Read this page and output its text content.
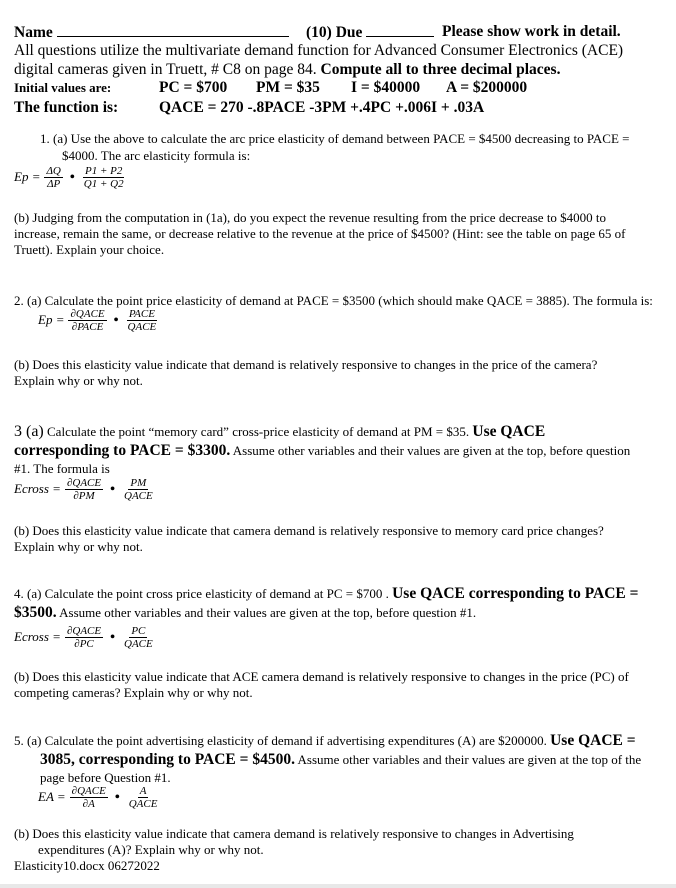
Name	(10) Due	Please show work in detail.
All questions utilize the multivariate demand function for Advanced Consumer Electronics (ACE)
digital cameras given in Truett, # C8 on page 84. Compute all to three decimal places.
Initial values are:	PC = $700 PM = $35 I = $40000 A = $200000
The function is:	QACE = 270 -.8PACE -3PM +.4PC +.006I + .03A
1. (a) Use the above to calculate the arc price elasticity of demand between PACE = $4500 decreasing to PACE =
$4000. The arc elasticity formula is:
$Ep = \frac{\Delta Q}{\Delta P}$ • $\frac{P1 + P2}{Q1 + Q2}$
(b) Judging from the computation in (1a), do you expect the revenue resulting from the price decrease to $4000 to
increase, remain the same, or decrease relative to the revenue at the price of $4500? (Hint: see the table on page 65 of
Truett). Explain your choice.
2. (a) Calculate the point price elasticity of demand at PACE = $3500 (which should make QACE = 3885). The formula is:
$Ep = \frac{\text{∂QACE}}{\text{∂PACE}}$ • $\frac{\text{PACE}}{\text{QACE}}$
(b) Does this elasticity value indicate that demand is relatively responsive to changes in the price of the camera?
Explain why or why not.
3 (a) Calculate the point “memory card” cross-price elasticity of demand at PM = $35. Use QACE
corresponding to PACE = $3300. Assume other variables and their values are given at the top, before question
#1. The formula is
Ecross = $\frac{\text{∂QACE}}{\partial PM}$ • $\frac{PM}{\text{QACE}}$
(b) Does this elasticity value indicate that camera demand is relatively responsive to memory card price changes?
Explain why or why not.
4. (a) Calculate the point cross price elasticity of demand at PC = $700 . Use QACE corresponding to PACE =
$3500. Assume other variables and their values are given at the top, before question #1.
Ecross = $\frac{\text{∂QACE}}{\partial PC}$ • $\frac{PC}{\text{QACE}}$
(b) Does this elasticity value indicate that ACE camera demand is relatively responsive to changes in the price (PC) of
competing cameras? Explain why or why not.
5. (a) Calculate the point advertising elasticity of demand if advertising expenditures (A) are $200000. Use QACE =
3085, corresponding to PACE = $4500. Assume other variables and their values are given at the top of the
page before Question #1.
EA = $\frac{\text{∂QACE}}{\partial A}$ • $\frac{A}{\text{QACE}}$
(b) Does this elasticity value indicate that camera demand is relatively responsive to changes in Advertising
expenditures (A)? Explain why or why not.
Elasticity10.docx 06272022
